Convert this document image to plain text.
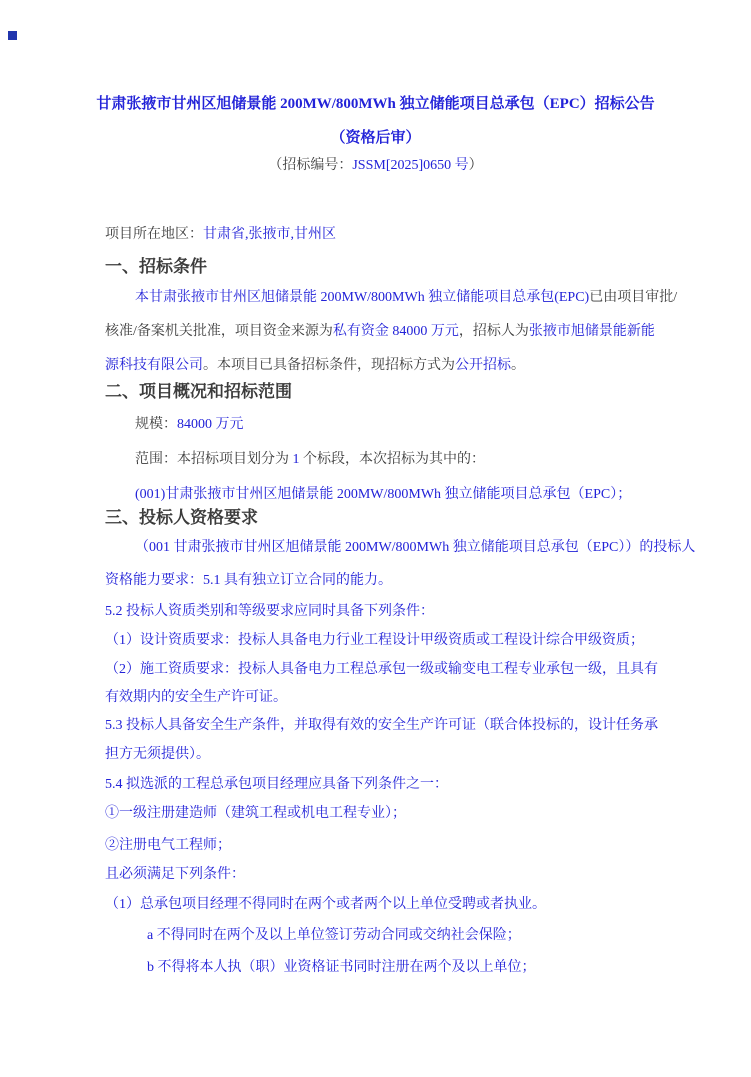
甘肃张掖市甘州区旭储景能 200MW/800MWh 独立储能项目总承包（EPC）招标公告
（资格后审）
（招标编号：JSSM[2025]0650 号）
项目所在地区：甘肃省,张掖市,甘州区
一、招标条件
本甘肃张掖市甘州区旭储景能 200MW/800MWh 独立储能项目总承包(EPC)已由项目审批/
核准/备案机关批准，项目资金来源为私有资金 84000 万元，招标人为张掖市旭储景能新能
源科技有限公司。本项目已具备招标条件，现招标方式为公开招标。
二、项目概况和招标范围
规模：84000 万元
范围：本招标项目划分为 1 个标段，本次招标为其中的：
(001)甘肃张掖市甘州区旭储景能 200MW/800MWh 独立储能项目总承包（EPC）；
三、投标人资格要求
（001 甘肃张掖市甘州区旭储景能 200MW/800MWh 独立储能项目总承包（EPC））的投标人
资格能力要求：5.1 具有独立订立合同的能力。
5.2 投标人资质类别和等级要求应同时具备下列条件：
（1）设计资质要求：投标人具备电力行业工程设计甲级资质或工程设计综合甲级资质；
（2）施工资质要求：投标人具备电力工程总承包一级或输变电工程专业承包一级，且具有
有效期内的安全生产许可证。
5.3 投标人具备安全生产条件，并取得有效的安全生产许可证（联合体投标的，设计任务承
担方无须提供）。
5.4 拟选派的工程总承包项目经理应具备下列条件之一：
①一级注册建造师（建筑工程或机电工程专业）；
②注册电气工程师；
且必须满足下列条件：
（1）总承包项目经理不得同时在两个或者两个以上单位受聘或者执业。
a 不得同时在两个及以上单位签订劳动合同或交纳社会保险；
b 不得将本人执（职）业资格证书同时注册在两个及以上单位；
